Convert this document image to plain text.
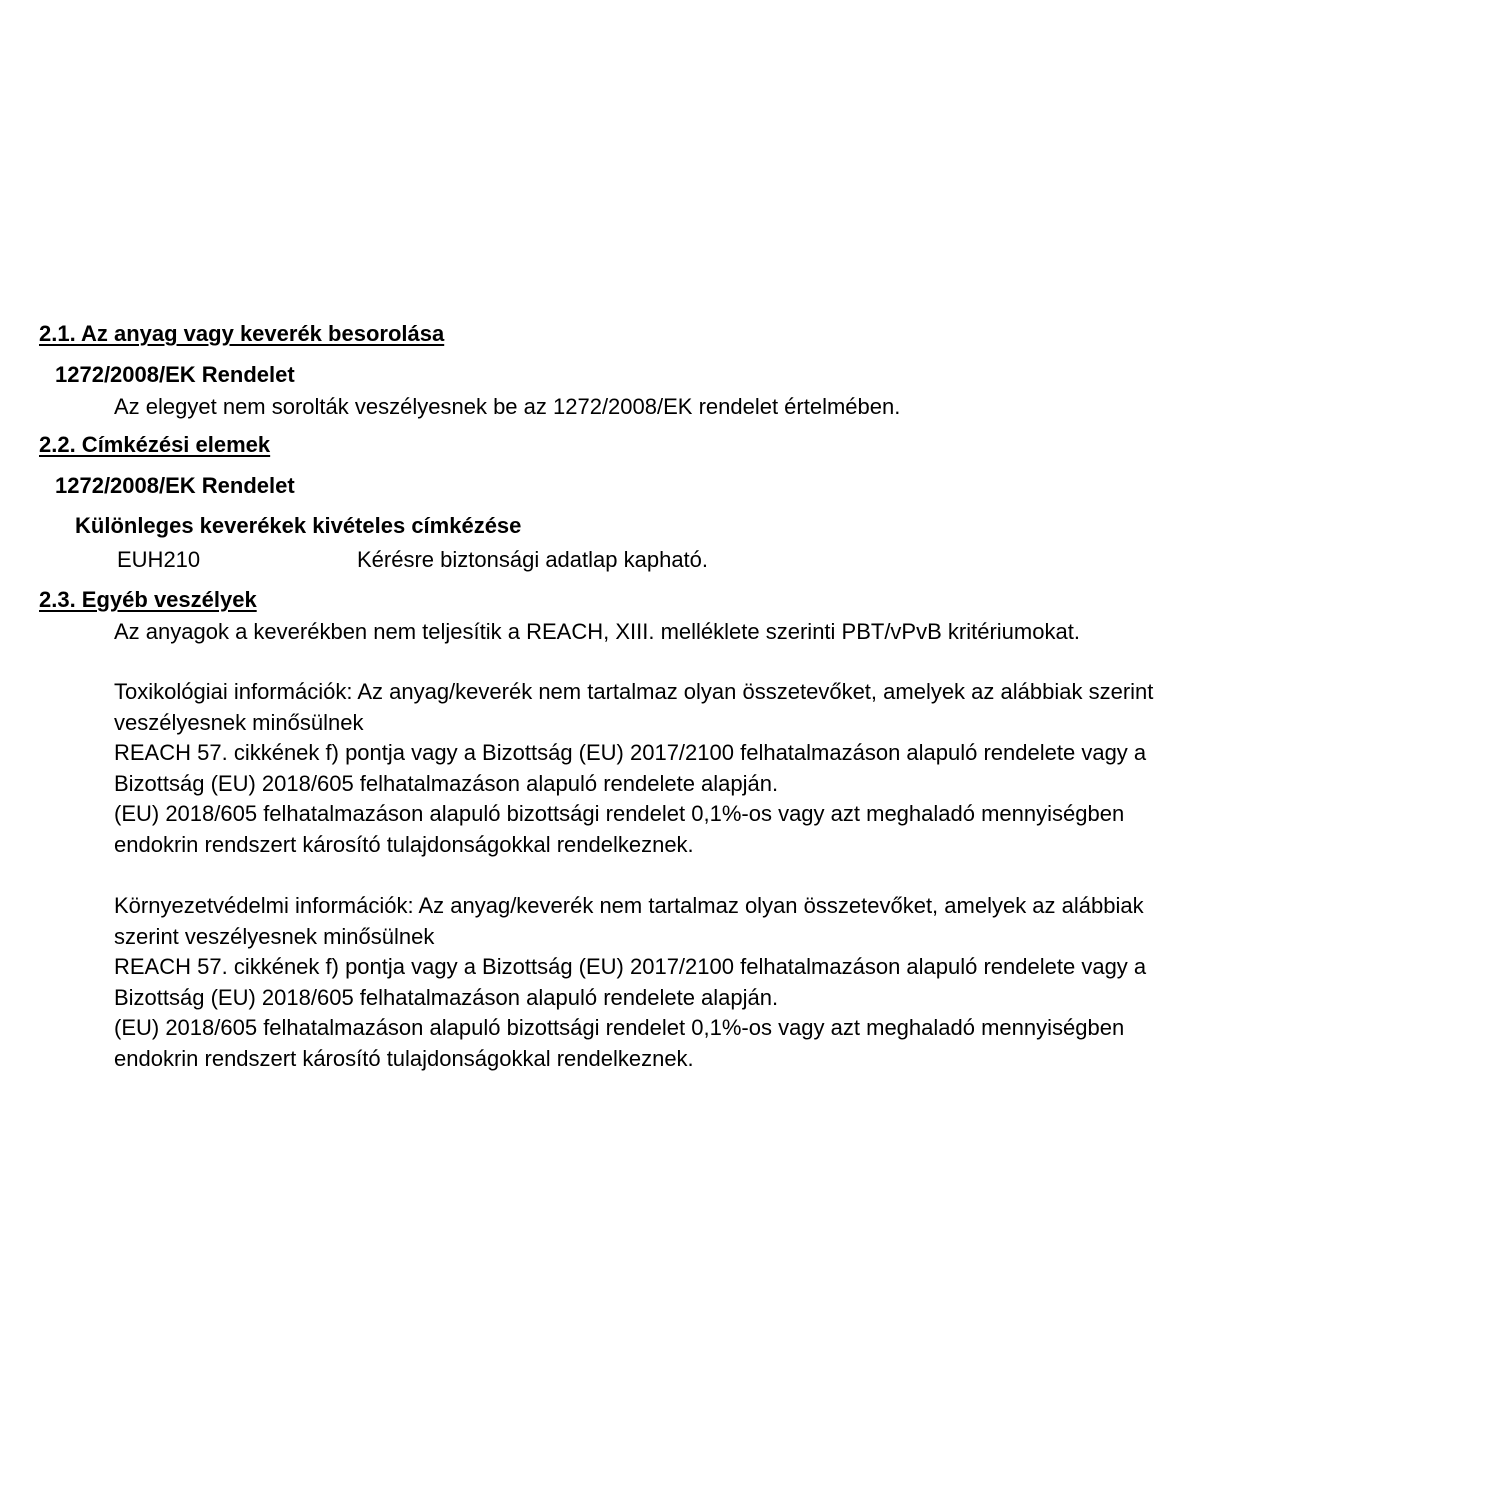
2.1. Az anyag vagy keverék besorolása
1272/2008/EK Rendelet
Az elegyet nem sorolták veszélyesnek be az 1272/2008/EK rendelet értelmében.
2.2. Címkézési elemek
1272/2008/EK Rendelet
Különleges keverékek kivételes címkézése
EUH210	Kérésre biztonsági adatlap kapható.
2.3. Egyéb veszélyek
Az anyagok a keverékben nem teljesítik a REACH, XIII. melléklete szerinti PBT/vPvB kritériumokat.
Toxikológiai információk: Az anyag/keverék nem tartalmaz olyan összetevőket, amelyek az alábbiak szerint
veszélyesnek minősülnek
REACH 57. cikkének f) pontja vagy a Bizottság (EU) 2017/2100 felhatalmazáson alapuló rendelete vagy a
Bizottság (EU) 2018/605 felhatalmazáson alapuló rendelete alapján.
(EU) 2018/605 felhatalmazáson alapuló bizottsági rendelet 0,1%-os vagy azt meghaladó mennyiségben
endokrin rendszert károsító tulajdonságokkal rendelkeznek.
Környezetvédelmi információk: Az anyag/keverék nem tartalmaz olyan összetevőket, amelyek az alábbiak
szerint veszélyesnek minősülnek
REACH 57. cikkének f) pontja vagy a Bizottság (EU) 2017/2100 felhatalmazáson alapuló rendelete vagy a
Bizottság (EU) 2018/605 felhatalmazáson alapuló rendelete alapján.
(EU) 2018/605 felhatalmazáson alapuló bizottsági rendelet 0,1%-os vagy azt meghaladó mennyiségben
endokrin rendszert károsító tulajdonságokkal rendelkeznek.
